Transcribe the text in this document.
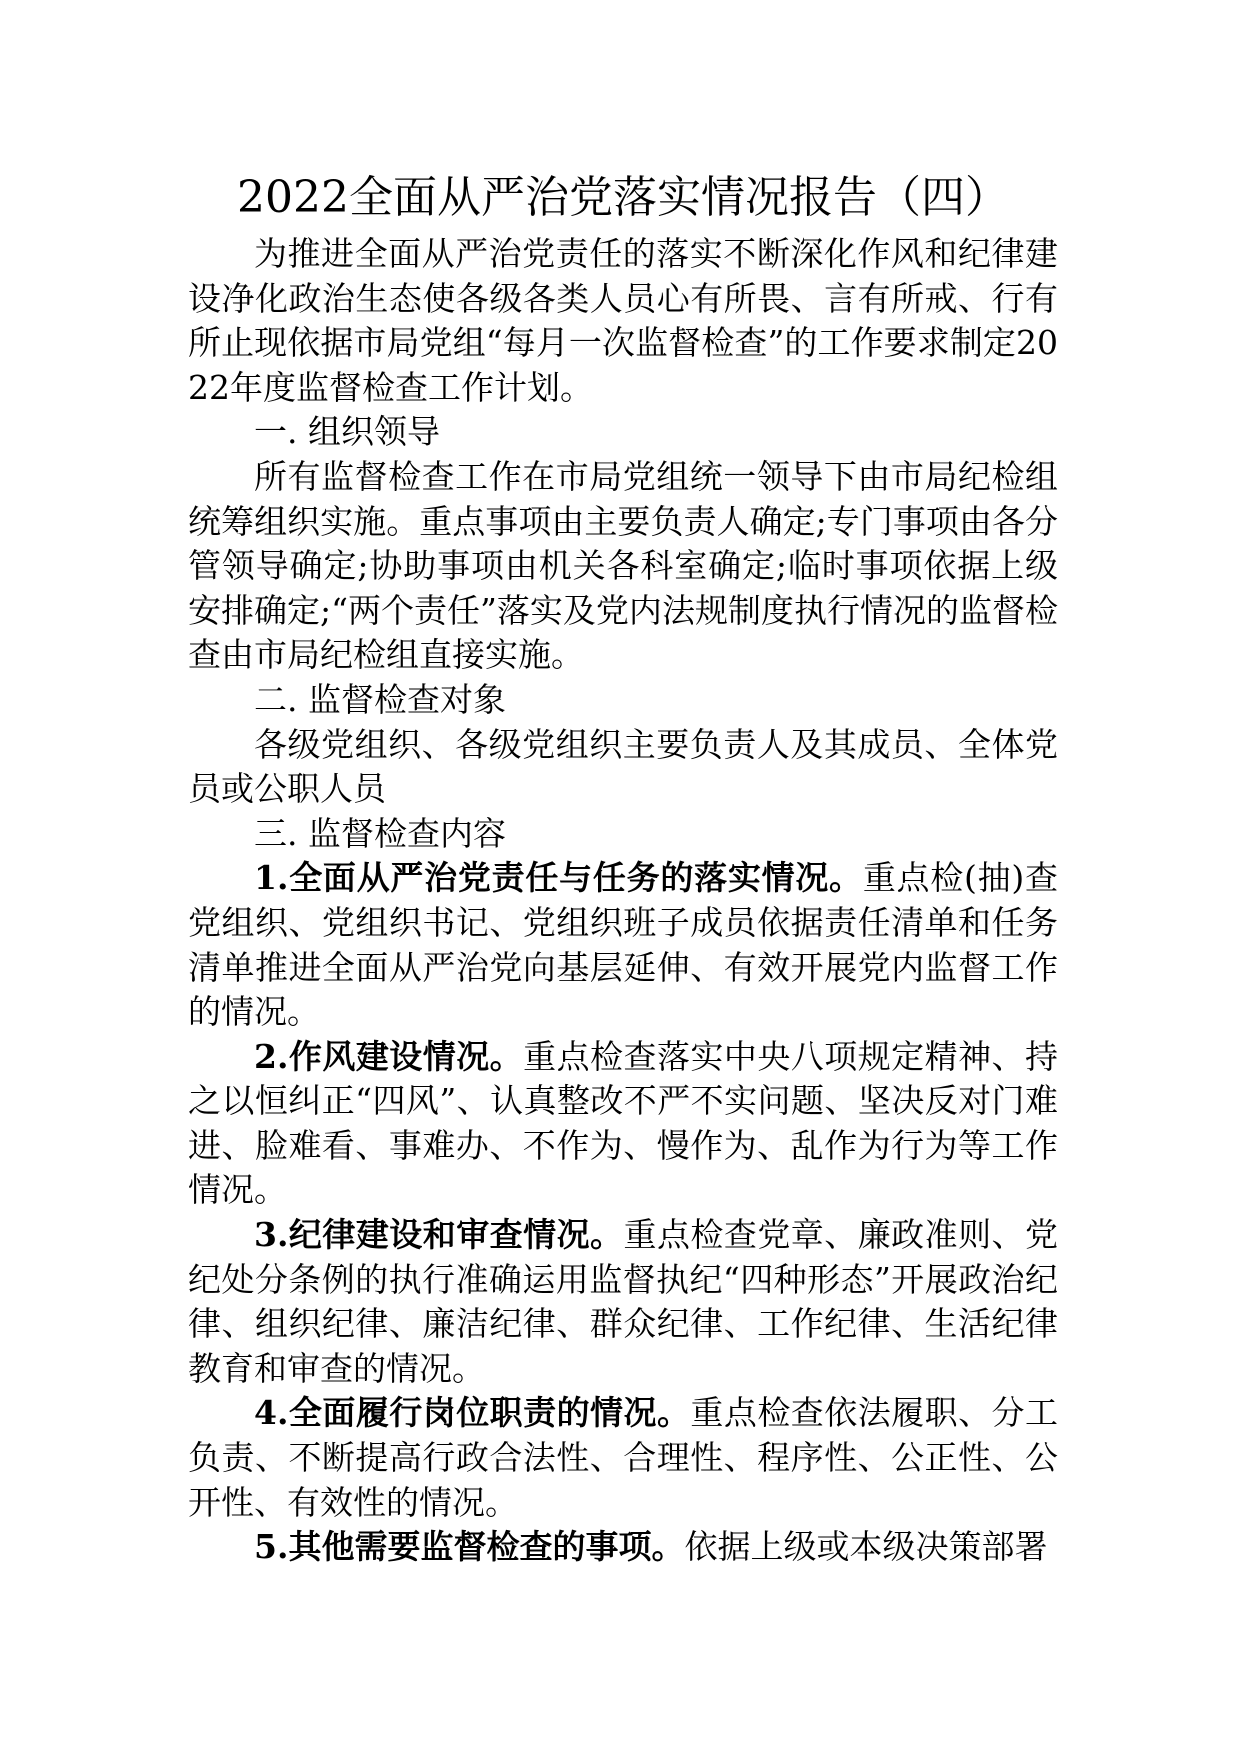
2022全面从严治党落实情况报告（四）

为推进全面从严治党责任的落实不断深化作风和纪律建设净化政治生态使各级各类人员心有所畏、言有所戒、行有所止现依据市局党组“每月一次监督检查”的工作要求制定2022年度监督检查工作计划。

一. 组织领导

所有监督检查工作在市局党组统一领导下由市局纪检组统筹组织实施。重点事项由主要负责人确定;专门事项由各分管领导确定;协助事项由机关各科室确定;临时事项依据上级安排确定;“两个责任”落实及党内法规制度执行情况的监督检查由市局纪检组直接实施。

二. 监督检查对象

各级党组织、各级党组织主要负责人及其成员、全体党员或公职人员

三. 监督检查内容

1.全面从严治党责任与任务的落实情况。重点检(抽)查党组织、党组织书记、党组织班子成员依据责任清单和任务清单推进全面从严治党向基层延伸、有效开展党内监督工作的情况。

2.作风建设情况。重点检查落实中央八项规定精神、持之以恒纠正“四风”、认真整改不严不实问题、坚决反对门难进、脸难看、事难办、不作为、慢作为、乱作为行为等工作情况。

3.纪律建设和审查情况。重点检查党章、廉政准则、党纪处分条例的执行准确运用监督执纪“四种形态”开展政治纪律、组织纪律、廉洁纪律、群众纪律、工作纪律、生活纪律教育和审查的情况。

4.全面履行岗位职责的情况。重点检查依法履职、分工负责、不断提高行政合法性、合理性、程序性、公正性、公开性、有效性的情况。

5.其他需要监督检查的事项。依据上级或本级决策部署
